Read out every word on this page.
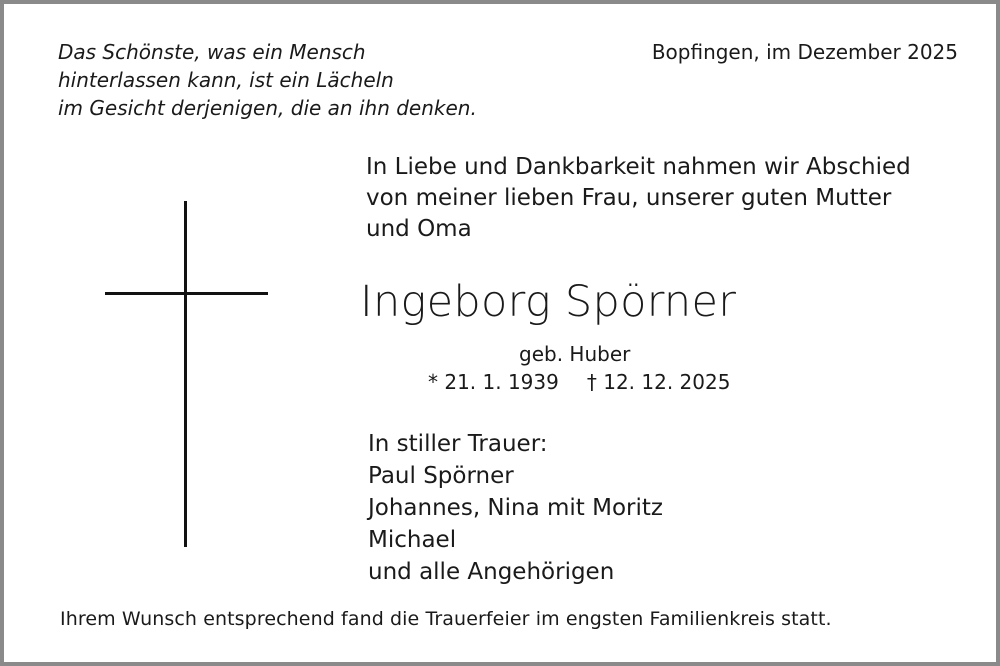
Das Schönste, was ein Mensch
hinterlassen kann, ist ein Lächeln
im Gesicht derjenigen, die an ihn denken.
Bopfingen, im Dezember 2025
In Liebe und Dankbarkeit nahmen wir Abschied
von meiner lieben Frau, unserer guten Mutter
und Oma
Ingeborg Spörner
geb. Huber
* 21. 1. 1939 † 12. 12. 2025
In stiller Trauer:
Paul Spörner
Johannes, Nina mit Moritz
Michael
und alle Angehörigen
Ihrem Wunsch entsprechend fand die Trauerfeier im engsten Familienkreis statt.
